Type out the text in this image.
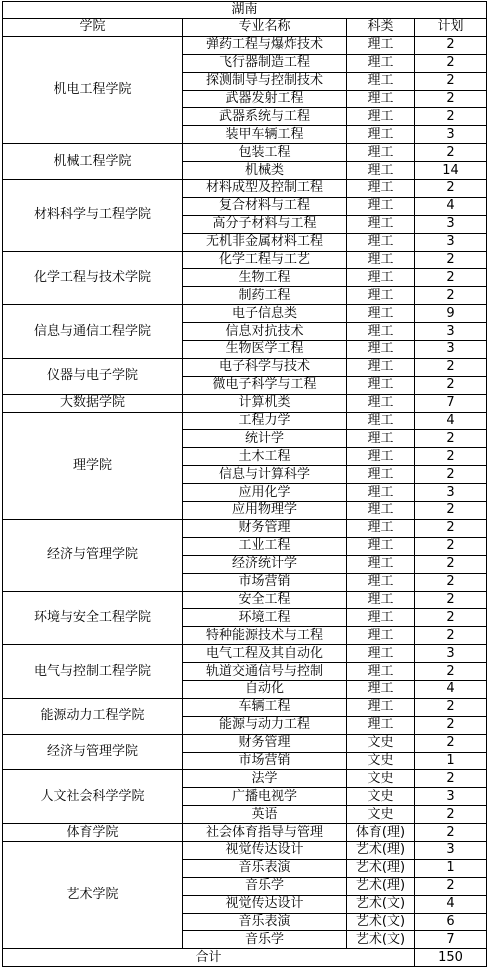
湖南			
学院	专业名称	科类	计划
机电工程学院	弹药工程与爆炸技术	理工	2
	飞行器制造工程	理工	2
	探测制导与控制技术	理工	2
	武器发射工程	理工	2
	武器系统与工程	理工	2
	装甲车辆工程	理工	3
机械工程学院	包装工程	理工	2
	机械类	理工	14
材料科学与工程学院	材料成型及控制工程	理工	2
	复合材料与工程	理工	4
	高分子材料与工程	理工	3
	无机非金属材料工程	理工	3
化学工程与技术学院	化学工程与工艺	理工	2
	生物工程	理工	2
	制药工程	理工	2
信息与通信工程学院	电子信息类	理工	9
	信息对抗技术	理工	3
	生物医学工程	理工	3
仪器与电子学院	电子科学与技术	理工	2
	微电子科学与工程	理工	2
大数据学院	计算机类	理工	7
理学院	工程力学	理工	4
	统计学	理工	2
	土木工程	理工	2
	信息与计算科学	理工	2
	应用化学	理工	3
	应用物理学	理工	2
经济与管理学院	财务管理	理工	2
	工业工程	理工	2
	经济统计学	理工	2
	市场营销	理工	2
环境与安全工程学院	安全工程	理工	2
	环境工程	理工	2
	特种能源技术与工程	理工	2
电气与控制工程学院	电气工程及其自动化	理工	3
	轨道交通信号与控制	理工	2
	自动化	理工	4
能源动力工程学院	车辆工程	理工	2
	能源与动力工程	理工	2
经济与管理学院	财务管理	文史	2
	市场营销	文史	1
人文社会科学学院	法学	文史	2
	广播电视学	文史	3
	英语	文史	2
体育学院	社会体育指导与管理	体育(理)	2
艺术学院	视觉传达设计	艺术(理)	3
	音乐表演	艺术(理)	1
	音乐学	艺术(理)	2
	视觉传达设计	艺术(文)	4
	音乐表演	艺术(文)	6
	音乐学	艺术(文)	7
合计			150
